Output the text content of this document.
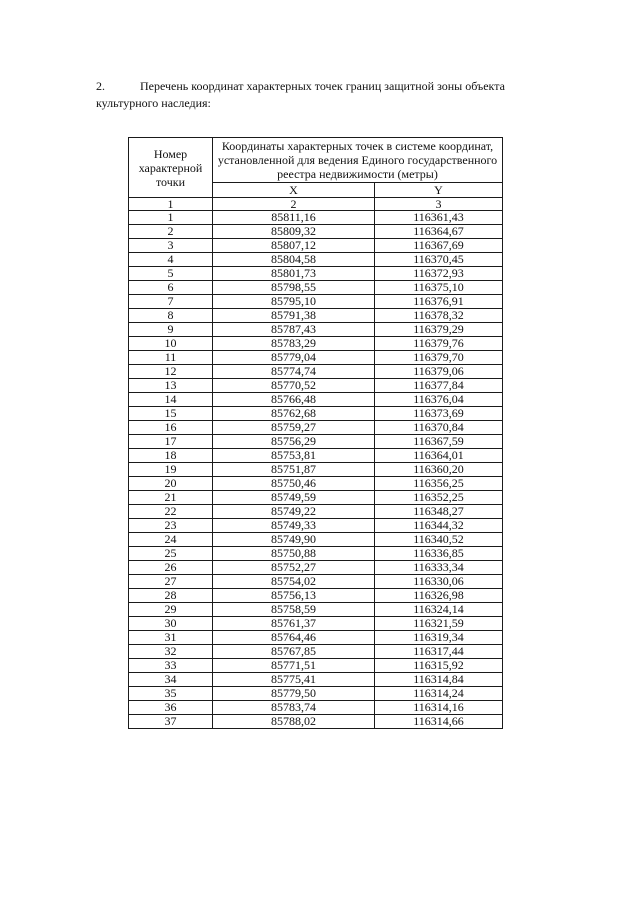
2.	Перечень координат характерных точек границ защитной зоны объекта культурного наследия:
Номер характерной точки	Координаты характерных точек в системе координат, установленной для ведения Единого государственного реестра недвижимости (метры)	
	X	Y
1	2	3
1	85811,16	116361,43
2	85809,32	116364,67
3	85807,12	116367,69
4	85804,58	116370,45
5	85801,73	116372,93
6	85798,55	116375,10
7	85795,10	116376,91
8	85791,38	116378,32
9	85787,43	116379,29
10	85783,29	116379,76
11	85779,04	116379,70
12	85774,74	116379,06
13	85770,52	116377,84
14	85766,48	116376,04
15	85762,68	116373,69
16	85759,27	116370,84
17	85756,29	116367,59
18	85753,81	116364,01
19	85751,87	116360,20
20	85750,46	116356,25
21	85749,59	116352,25
22	85749,22	116348,27
23	85749,33	116344,32
24	85749,90	116340,52
25	85750,88	116336,85
26	85752,27	116333,34
27	85754,02	116330,06
28	85756,13	116326,98
29	85758,59	116324,14
30	85761,37	116321,59
31	85764,46	116319,34
32	85767,85	116317,44
33	85771,51	116315,92
34	85775,41	116314,84
35	85779,50	116314,24
36	85783,74	116314,16
37	85788,02	116314,66
